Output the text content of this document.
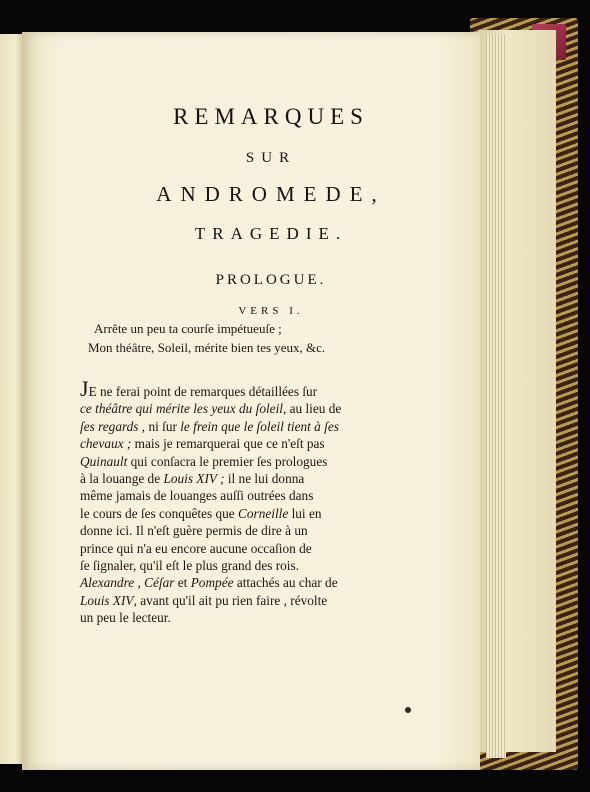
REMARQUES
SUR
ANDROMEDE,
TRAGEDIE.
PROLOGUE.
VERS I.
Arrête un peu ta courſe impétueuſe ;
Mon théâtre, Soleil, mérite bien tes yeux, &c.
JE ne ferai point de remarques détaillées ſur
ce théâtre qui mérite les yeux du ſoleil, au lieu de
ſes regards , ni ſur le frein que le ſoleil tient à ſes
chevaux ; mais je remarquerai que ce n'eſt pas
Quinault qui conſacra le premier ſes prologues
à la louange de Louis XIV ; il ne lui donna
même jamais de louanges auſſi outrées dans
le cours de ſes conquêtes que Corneille lui en
donne ici. Il n'eſt guère permis de dire à un
prince qui n'a eu encore aucune occaſion de
ſe ſignaler, qu'il eſt le plus grand des rois.
Alexandre , Céſar et Pompée attachés au char de
Louis XIV, avant qu'il ait pu rien faire , révolte
un peu le lecteur.
